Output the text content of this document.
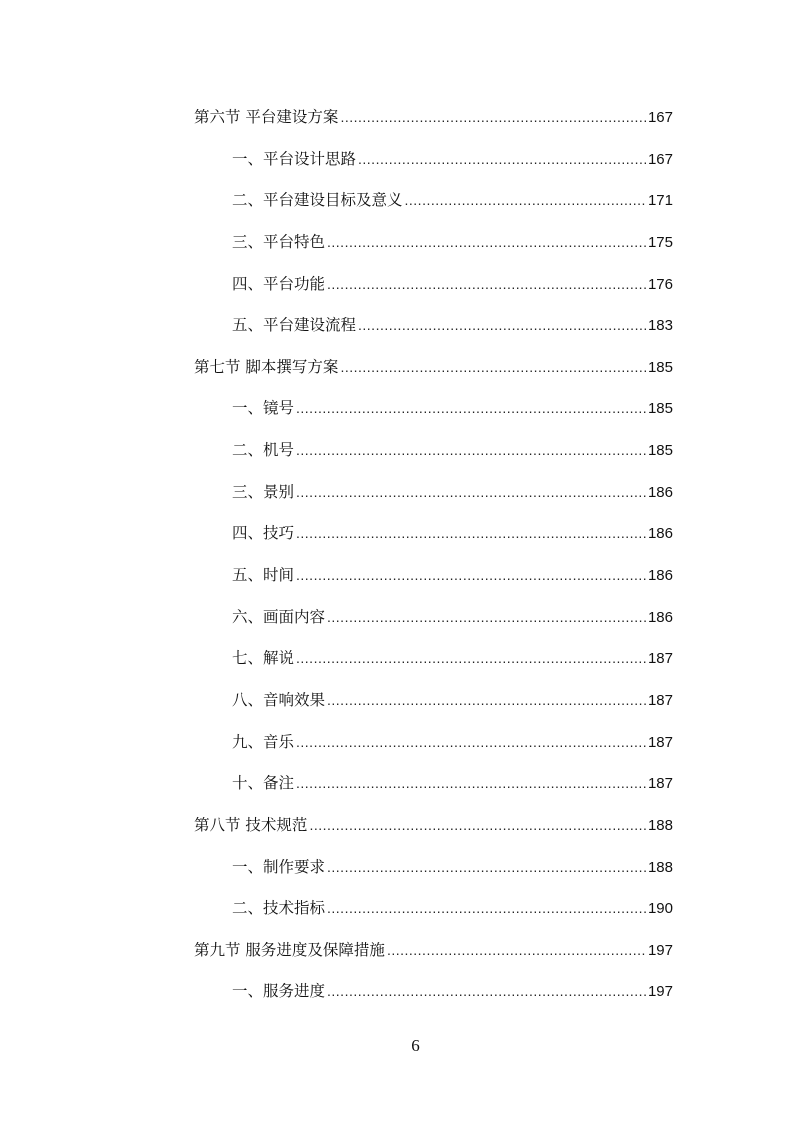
第六节 平台建设方案 .....	167
一、平台设计思路 .....	167
二、平台建设目标及意义 .....	171
三、平台特色 .....	175
四、平台功能 .....	176
五、平台建设流程 .....	183
第七节 脚本撰写方案 .....	185
一、镜号 .....	185
二、机号 .....	185
三、景别 .....	186
四、技巧 .....	186
五、时间 .....	186
六、画面内容 .....	186
七、解说 .....	187
八、音响效果 .....	187
九、音乐 .....	187
十、备注 .....	187
第八节 技术规范 .....	188
一、制作要求 .....	188
二、技术指标 .....	190
第九节 服务进度及保障措施 .....	197
一、服务进度 .....	197
6
